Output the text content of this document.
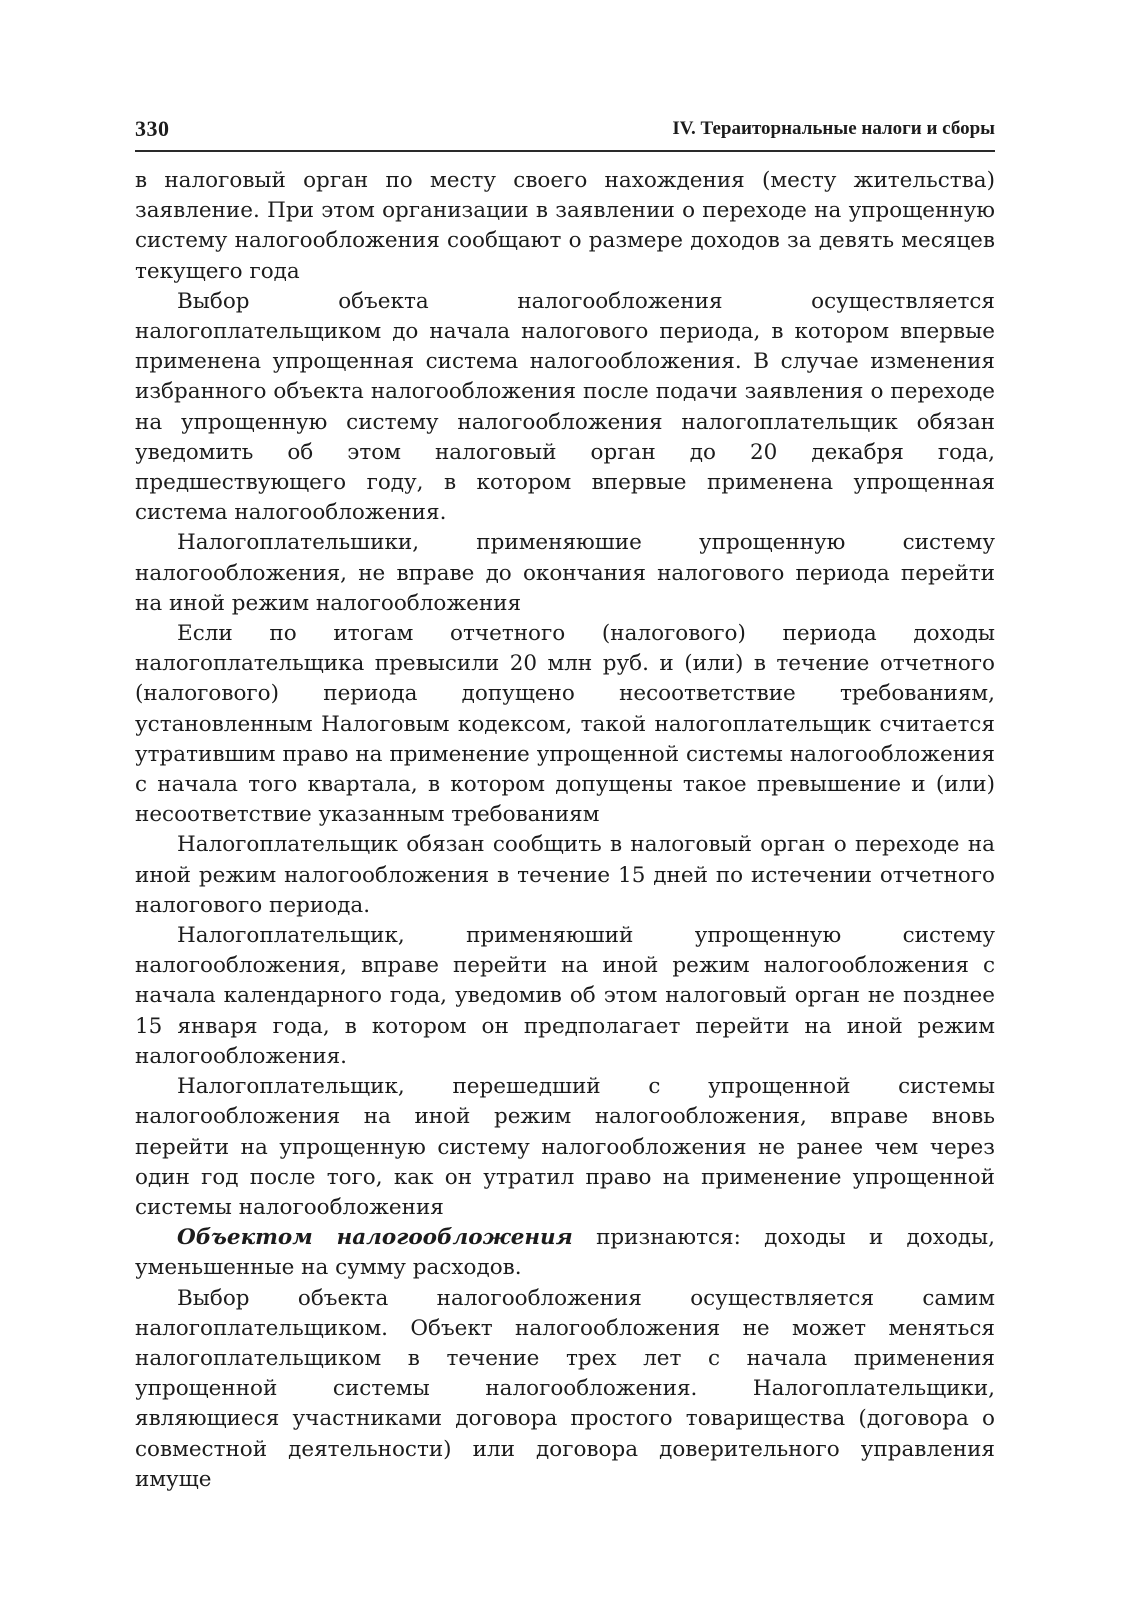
330	IV. Тераиторнальные налоги и сборы

в налоговый орган по месту своего нахождения (месту жительства) заявление. При этом организации в заявлении о переходе на упрощенную систему налогообложения сообщают о размере доходов за девять месяцев текущего года

Выбор объекта налогообложения осуществляется налогоплательщиком до начала налогового периода, в котором впервые применена упрощенная система налогообложения. В случае изменения избранного объекта налогообложения после подачи заявления о переходе на упрощенную систему налогообложения налогоплательщик обязан уведомить об этом налоговый орган до 20 декабря года, предшествующего году, в котором впервые применена упрощенная система налогообложения.

Налогоплательшики, применяюшие упрощенную систему налогообложения, не вправе до окончания налогового периода перейти на иной режим налогообложения

Если по итогам отчетного (налогового) периода доходы налогоплательщика превысили 20 млн руб. и (или) в течение отчетного (налогового) периода допущено несоответствие требованиям, установленным Налоговым кодексом, такой налогоплательщик считается утратившим право на применение упрощенной системы налогообложения с начала того квартала, в котором допущены такое превышение и (или) несоответствие указанным требованиям

Налогоплательщик обязан сообщить в налоговый орган о переходе на иной режим налогообложения в течение 15 дней по истечении отчетного налогового периода.

Налогоплательщик, применяюший упрощенную систему налогообложения, вправе перейти на иной режим налогообложения с начала календарного года, уведомив об этом налоговый орган не позднее 15 января года, в котором он предполагает перейти на иной режим налогообложения.

Налогоплательщик, перешедший с упрощенной системы налогообложения на иной режим налогообложения, вправе вновь перейти на упрощенную систему налогообложения не ранее чем через один год после того, как он утратил право на применение упрощенной системы налогообложения

Объектом налогообложения признаются: доходы и доходы, уменьшенные на сумму расходов.

Выбор объекта налогообложения осуществляется самим налогоплательщиком. Объект налогообложения не может меняться налогоплательщиком в течение трех лет с начала применения упрощенной системы налогообложения. Налогоплательщики, являющиеся участниками договора простого товарищества (договора о совместной деятельности) или договора доверительного управления имуще
